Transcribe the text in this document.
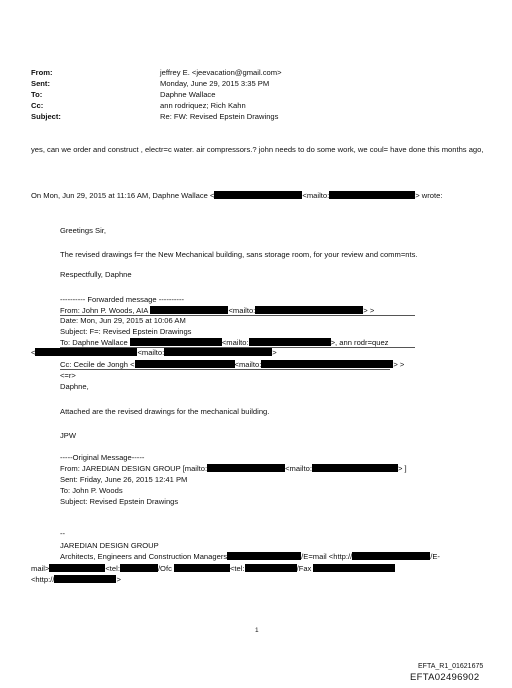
From:	jeffrey E. <jeevacation@gmail.com>
Sent:	Monday, June 29, 2015 3:35 PM
To:	Daphne Wallace
Cc:	ann rodriquez; Rich Kahn
Subject:	Re: FW: Revised Epstein Drawings
yes, can we order and construct , electr=c water. air compressors.? john needs to do some work, we coul= have done this months ago,
On Mon, Jun 29, 2015 at 11:16 AM, Daphne Wallace <	<mailto:	> wrote:
Greetings Sir,
The revised drawings f=r the New Mechanical building, sans storage room, for your review and comm=nts.
Respectfully, Daphne
---------- Forwarded message ----------
From: John P. Woods, AIA	<mailto:	> >
Date: Mon, Jun 29, 2015 at 10:06 AM
Subject: F=: Revised Epstein Drawings
To: Daphne Wallace	<mailto:	>, ann rodr=quez
<	<mailto:	>
Cc: Cecile de Jongh <	<mailto:	> >
<=r>
Daphne,
Attached are the revised drawings for the mechanical building.
JPW
-----Original Message-----
From: JAREDIAN DESIGN GROUP [mailto:	<mailto:	> ]
Sent: Friday, June 26, 2015 12:41 PM
To: John P. Woods
Subject: Revised Epstein Drawings
--
JAREDIAN DESIGN GROUP
Architects, Engineers and Construction Managers	/E=mail <http://	/E-
mail>	<tel:	/Ofc	<tel:	/Fax
<http://	>
1
EFTA_R1_01621675
EFTA02496902
